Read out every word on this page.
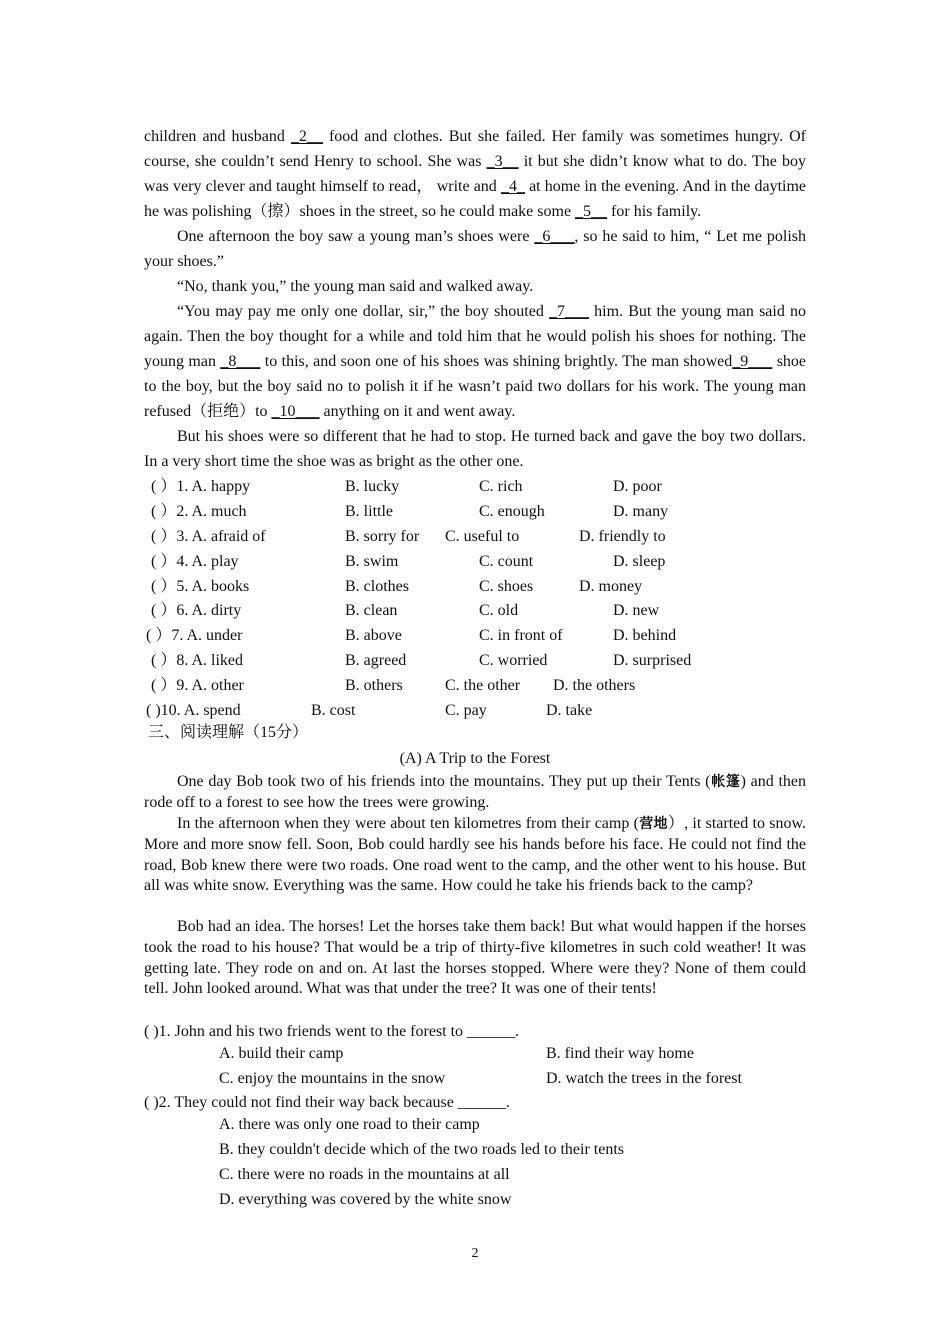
children and husband _2__ food and clothes. But she failed. Her family was sometimes hungry. Of course, she couldn’t send Henry to school. She was _3__ it but she didn’t know what to do. The boy was very clever and taught himself to read， write and _4_ at home in the evening. And in the daytime he was polishing（擦）shoes in the street, so he could make some _5__ for his family.

One afternoon the boy saw a young man’s shoes were _6___, so he said to him, “ Let me polish your shoes.”

“No, thank you,” the young man said and walked away.

“You may pay me only one dollar, sir,” the boy shouted _7___ him. But the young man said no again. Then the boy thought for a while and told him that he would polish his shoes for nothing. The young man _8___ to this, and soon one of his shoes was shining brightly. The man showed_9___ shoe to the boy, but the boy said no to polish it if he wasn’t paid two dollars for his work. The young man refused（拒绝）to _10___ anything on it and went away.

But his shoes were so different that he had to stop. He turned back and gave the boy two dollars. In a very short time the shoe was as bright as the other one.

( ）1. A. happy	B. lucky	C. rich	D. poor
( ）2. A. much	B. little	C. enough	D. many
( ）3. A. afraid of	B. sorry for C. useful to	D. friendly to
( ）4. A. play	B. swim	C. count	D. sleep
( ）5. A. books	B. clothes	C. shoes	D. money
( ）6. A. dirty	B. clean	C. old	D. new
( ）7. A. under	B. above	C. in front of	D. behind
( ）8. A. liked	B. agreed	C. worried	D. surprised
( ）9. A. other	B. others	C. the other D. the others
( )10. A. spend	B. cost	C. pay	D. take
三、阅读理解（15分）
(A) A Trip to the Forest

One day Bob took two of his friends into the mountains. They put up their Tents (帐篷) and then rode off to a forest to see how the trees were growing.

In the afternoon when they were about ten kilometres from their camp (营地）, it started to snow. More and more snow fell. Soon, Bob could hardly see his hands before his face. He could not find the road, Bob knew there were two roads. One road went to the camp, and the other went to his house. But all was white snow. Everything was the same. How could he take his friends back to the camp?

Bob had an idea. The horses! Let the horses take them back! But what would happen if the horses took the road to his house? That would be a trip of thirty-five kilometres in such cold weather! It was getting late. They rode on and on. At last the horses stopped. Where were they? None of them could tell. John looked around. What was that under the tree? It was one of their tents!

( )1. John and his two friends went to the forest to ______.
A. build their camp	B. find their way home
C. enjoy the mountains in the snow	D. watch the trees in the forest
( )2. They could not find their way back because ______.
A. there was only one road to their camp
B. they couldn't decide which of the two roads led to their tents
C. there were no roads in the mountains at all
D. everything was covered by the white snow
2
